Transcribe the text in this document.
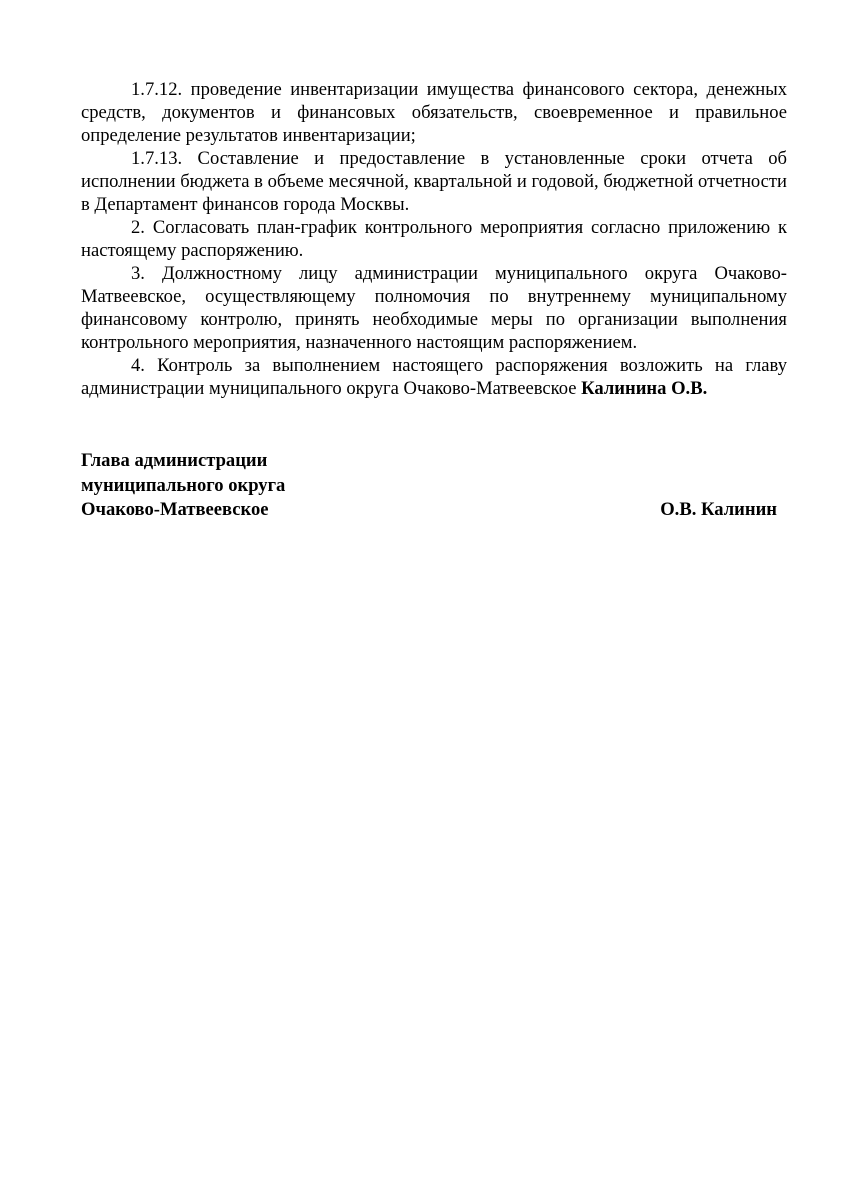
1.7.12. проведение инвентаризации имущества финансового сектора, денежных средств, документов и финансовых обязательств, своевременное и правильное определение результатов инвентаризации;

1.7.13. Составление и предоставление в установленные сроки отчета об исполнении бюджета в объеме месячной, квартальной и годовой, бюджетной отчетности в Департамент финансов города Москвы.

2. Согласовать план-график контрольного мероприятия согласно приложению к настоящему распоряжению.

3. Должностному лицу администрации муниципального округа Очаково-Матвеевское, осуществляющему полномочия по внутреннему муниципальному финансовому контролю, принять необходимые меры по организации выполнения контрольного мероприятия, назначенного настоящим распоряжением.

4. Контроль за выполнением настоящего распоряжения возложить на главу администрации муниципального округа Очаково-Матвеевское Калинина О.В.

Глава администрации
муниципального округа
Очаково-Матвеевское	О.В. Калинин
